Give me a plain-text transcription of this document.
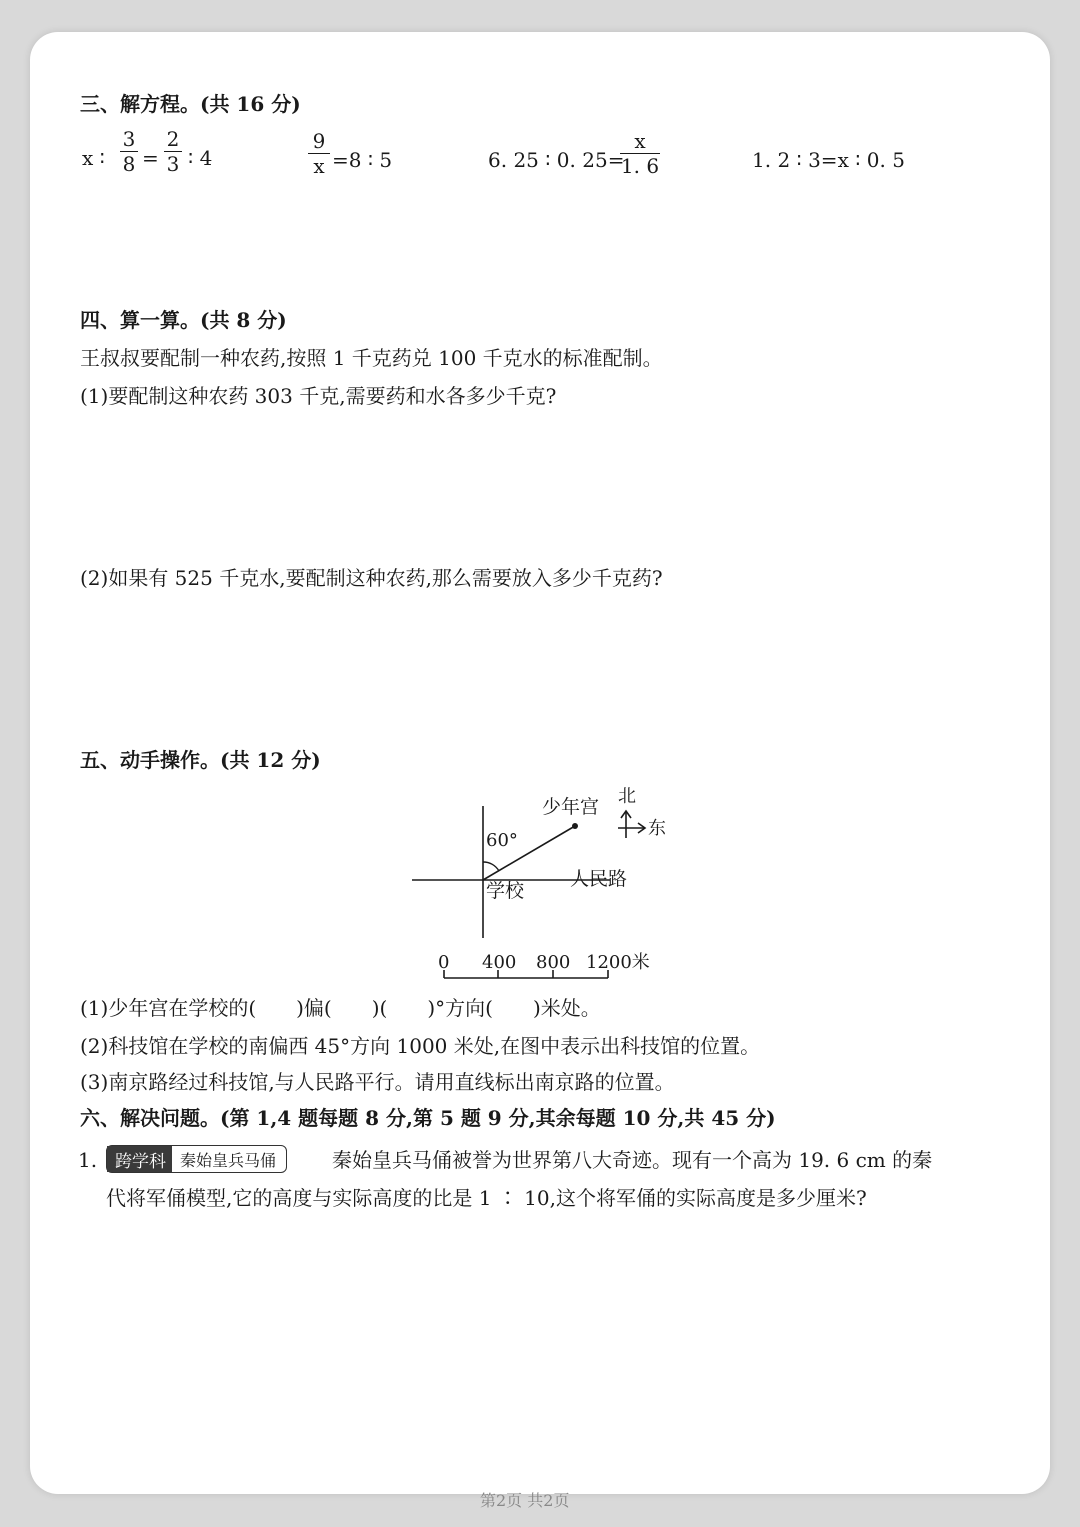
三、解方程。(共 16 分)
x ∶
3
8 =
2
3 ∶ 4
9
x =8 ∶ 5	6. 25 ∶ 0. 25=
x
1. 6	1. 2 ∶ 3=x ∶ 0. 5
四、算一算。(共 8 分)
王叔叔要配制一种农药,按照 1 千克药兑 100 千克水的标准配制。
(1)要配制这种农药 303 千克,需要药和水各多少千克?
(2)如果有 525 千克水,要配制这种农药,那么需要放入多少千克药?
五、动手操作。(共 12 分)
少年宫 北
东
60°
学校
人民路
0 400 800 1200米
(1)少年宫在学校的(　　)偏(　　)(　　)°方向(　　)米处。
(2)科技馆在学校的南偏西 45°方向 1000 米处,在图中表示出科技馆的位置。
(3)南京路经过科技馆,与人民路平行。请用直线标出南京路的位置。
六、解决问题。(第 1,4 题每题 8 分,第 5 题 9 分,其余每题 10 分,共 45 分)
1.	跨学科 秦始皇兵马俑	秦始皇兵马俑被誉为世界第八大奇迹。现有一个高为 19. 6 cm 的秦
代将军俑模型,它的高度与实际高度的比是 1 ∶ 10,这个将军俑的实际高度是多少厘米?
第2页 共2页
